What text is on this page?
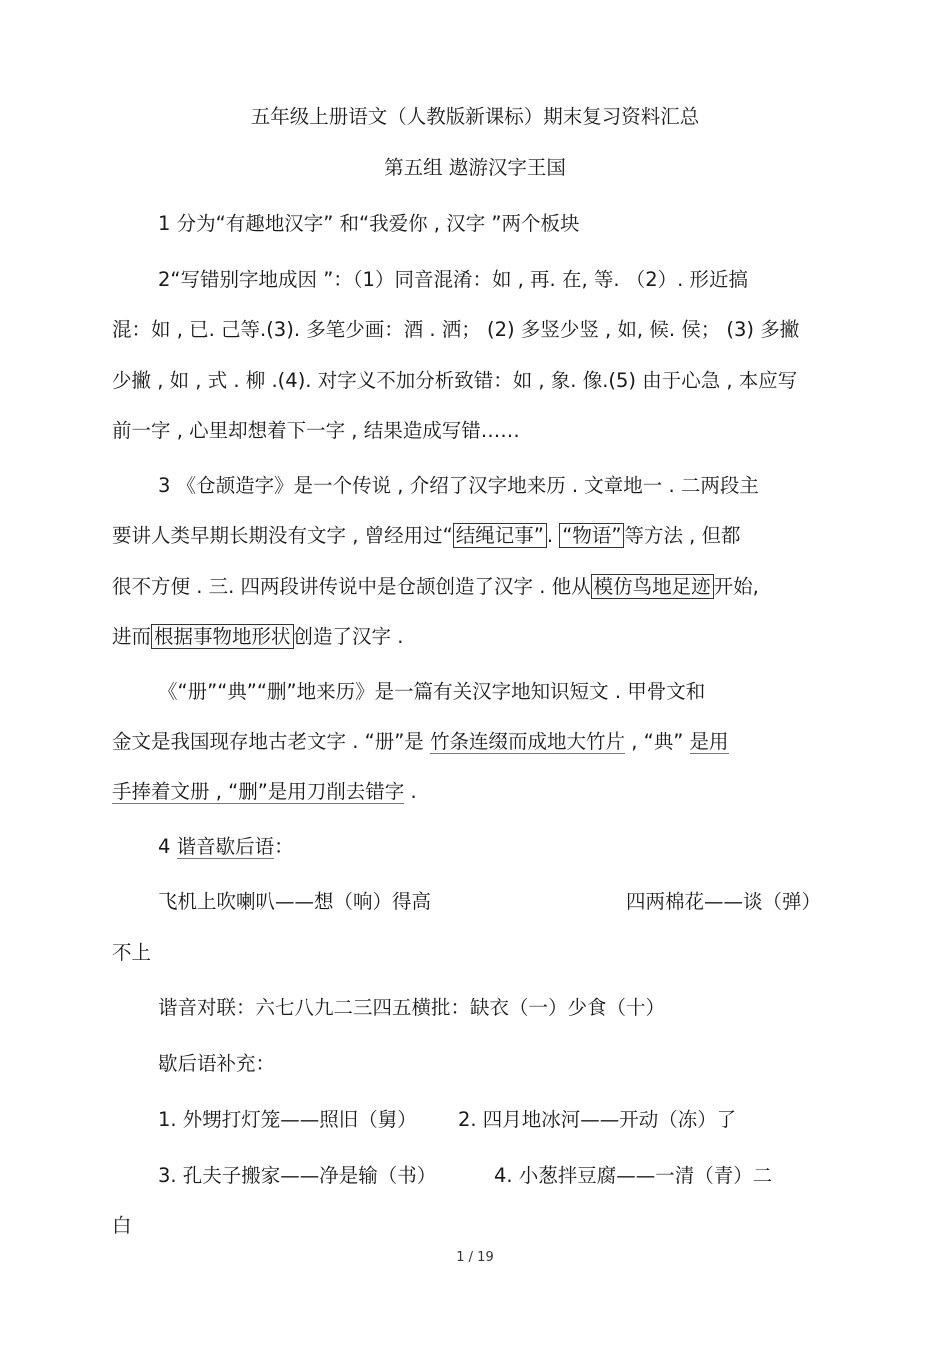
五年级上册语文（人教版新课标）期末复习资料汇总
第五组 遨游汉字王国
1 分为“有趣地汉字” 和“我爱你 , 汉字 ”两个板块
2“写错别字地成因 ”：（1）同音混淆：如 , 再. 在, 等. （2）. 形近搞
混：如 , 已. 己等.(3). 多笔少画：酒 . 洒； (2) 多竖少竖 , 如, 候. 侯； (3) 多撇
少撇 , 如 , 式 . 柳 .(4). 对字义不加分析致错：如 , 象. 像.(5) 由于心急 , 本应写
前一字 , 心里却想着下一字 , 结果造成写错……
3 《仓颉造字》是一个传说 , 介绍了汉字地来历 . 文章地一 . 二两段主
要讲人类早期长期没有文字 , 曾经用过“ 结绳记事” . “物语” 等方法 , 但都
很不方便 . 三. 四两段讲传说中是仓颉创造了汉字 . 他从 模仿鸟地足迹 开始,
进而 根据事物地形状 创造了汉字 .
《“册”“典”“删”地来历》是一篇有关汉字地知识短文 . 甲骨文和
金文是我国现存地古老文字 . “册”是 竹条连缀而成地大竹片 , “典” 是用
手捧着文册 , “删”是用刀削去错字 .
4 谐音歇后语：
飞机上吹喇叭——想（响）得高	四两棉花——谈（弹）
不上
谐音对联：六七八九二三四五横批：缺衣（一）少食（十）
歇后语补充：
1. 外甥打灯笼——照旧（舅）	2. 四月地冰河——开动（冻）了
3. 孔夫子搬家——净是输（书）	4. 小葱拌豆腐——一清（青）二
白
1 / 19
